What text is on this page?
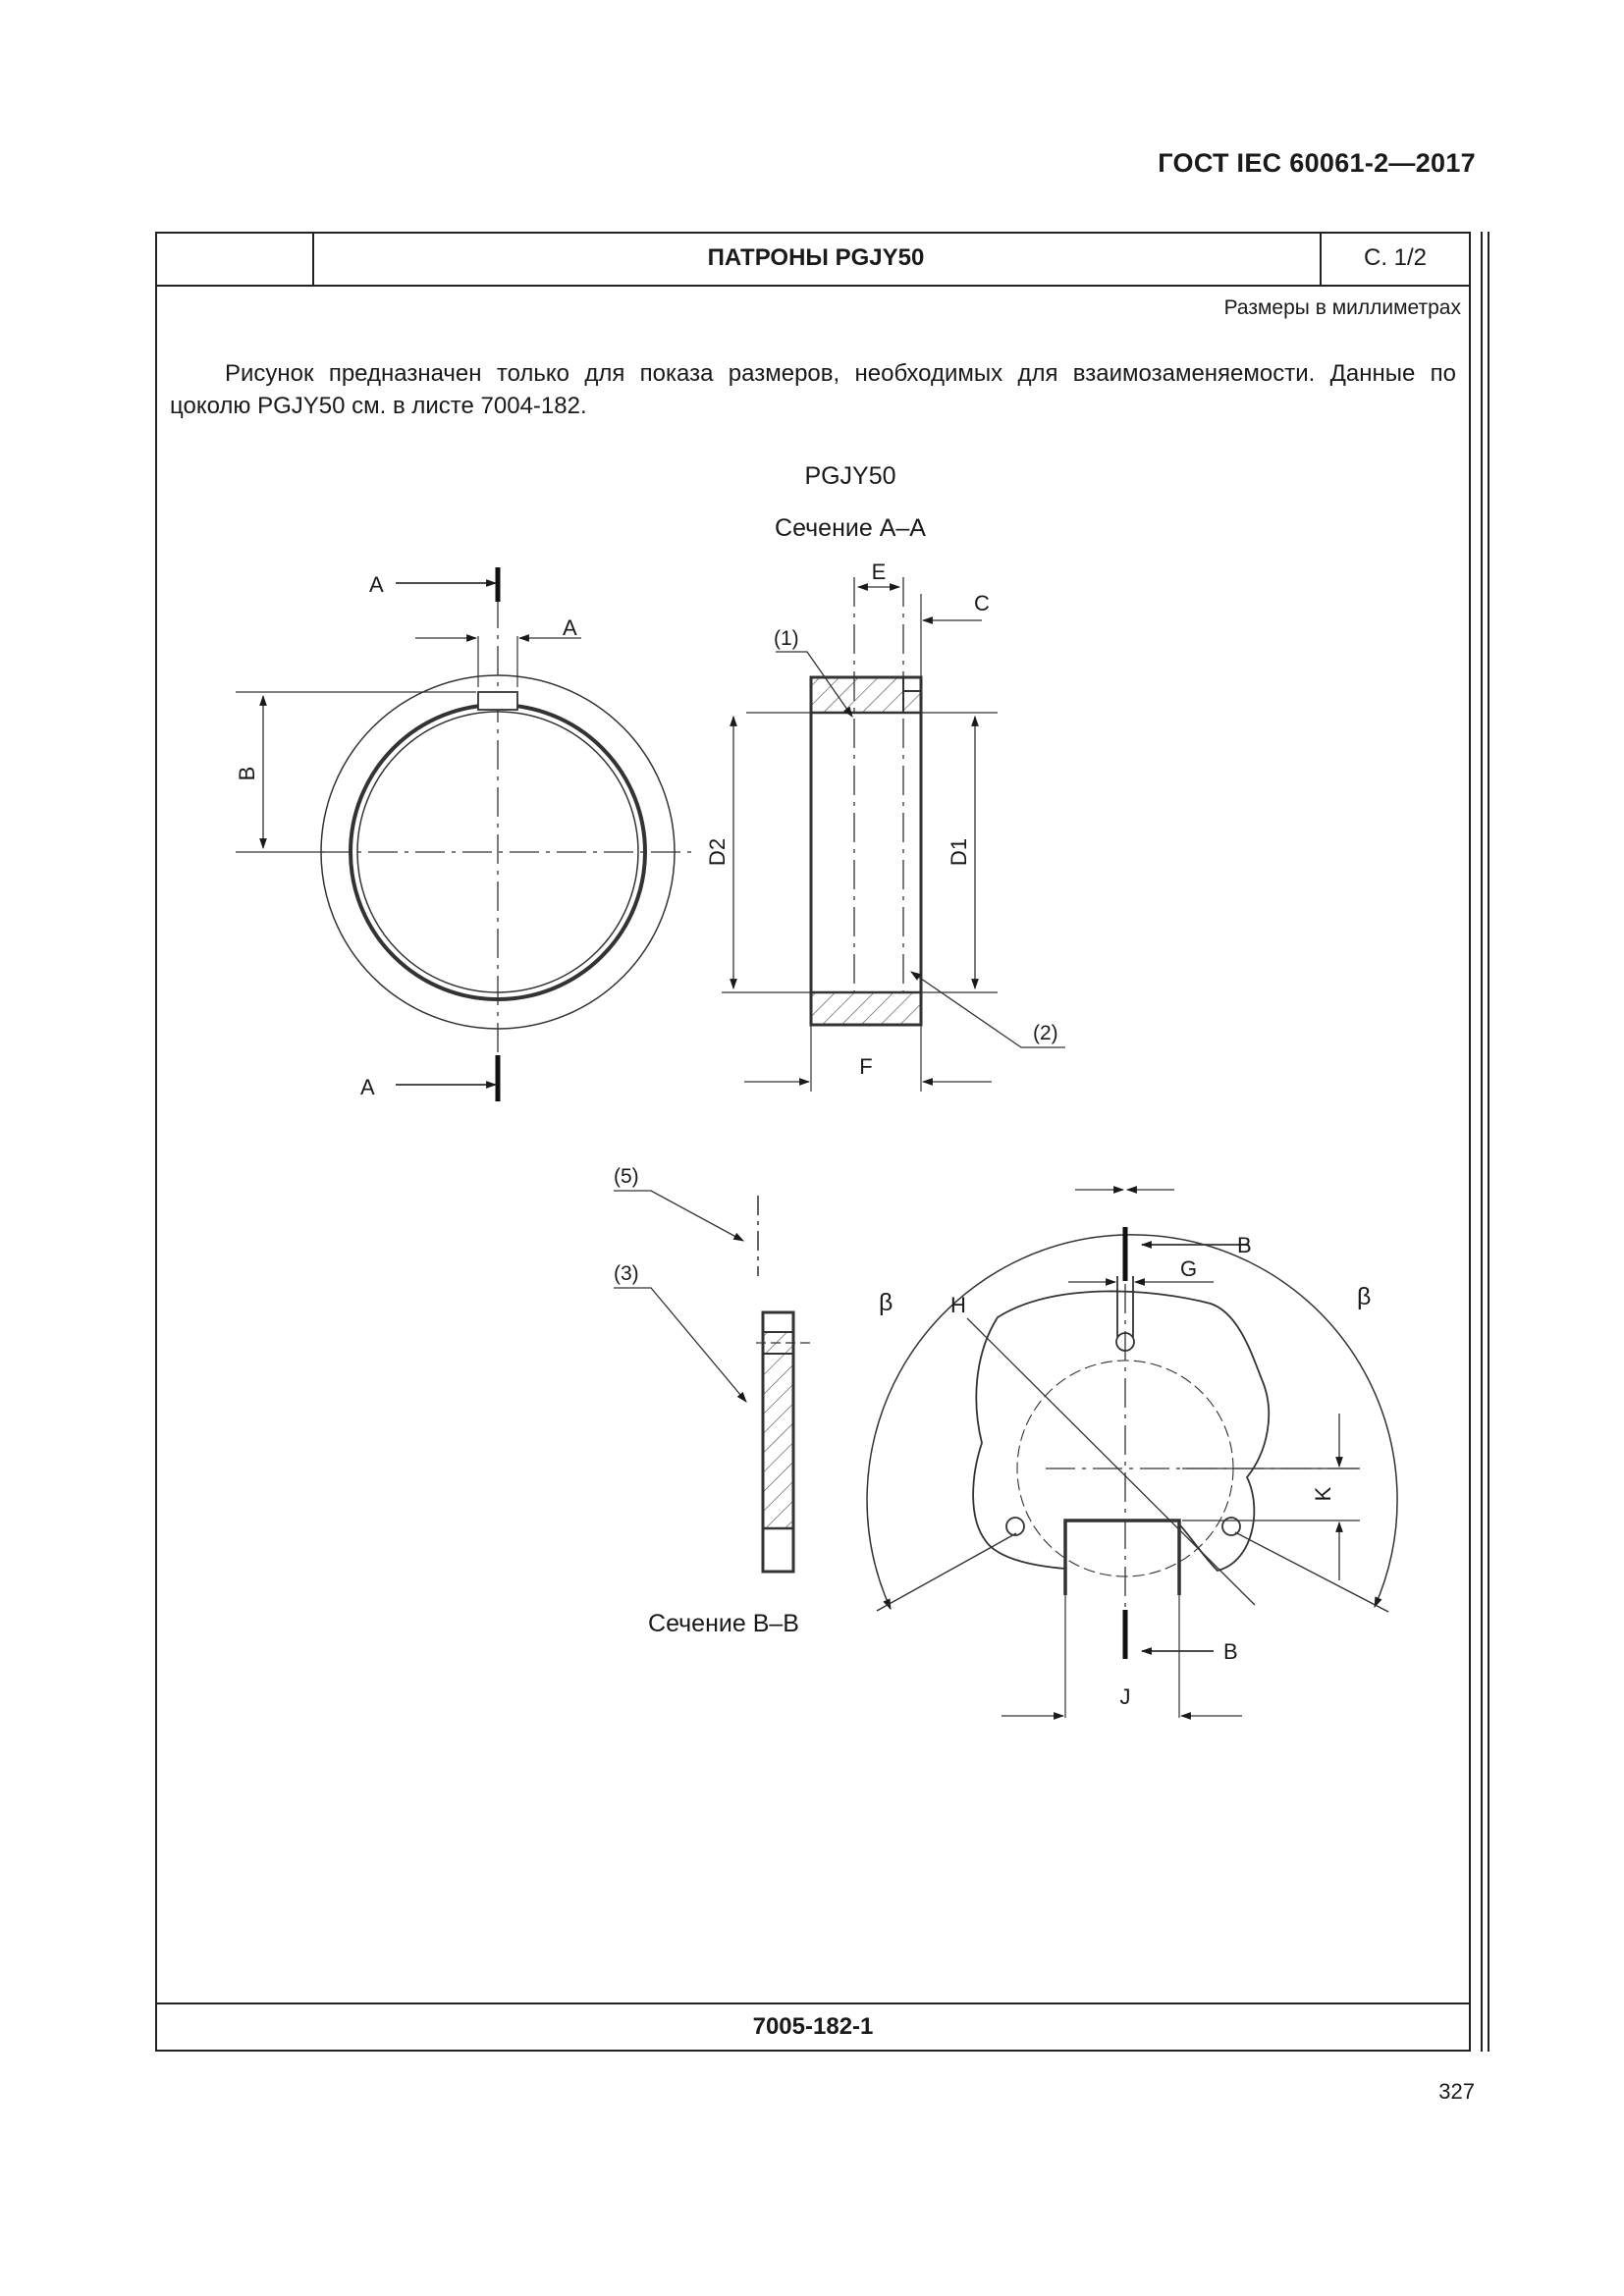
ГОСТ IEC 60061-2—2017
ПАТРОНЫ PGJY50	С. 1/2
Размеры в миллиметрах
Рисунок предназначен только для показа размеров, необходимых для взаимозаменяемости. Данные по цоколю PGJY50 см. в листе 7004-182.
PGJY50
Сечение А–А
A
A
A
B
E
C
(1)
(2)
F
D2	D1
(5)
(3)
Сечение В–В
β	β
B
B
G
H
J
K
7005-182-1
327
